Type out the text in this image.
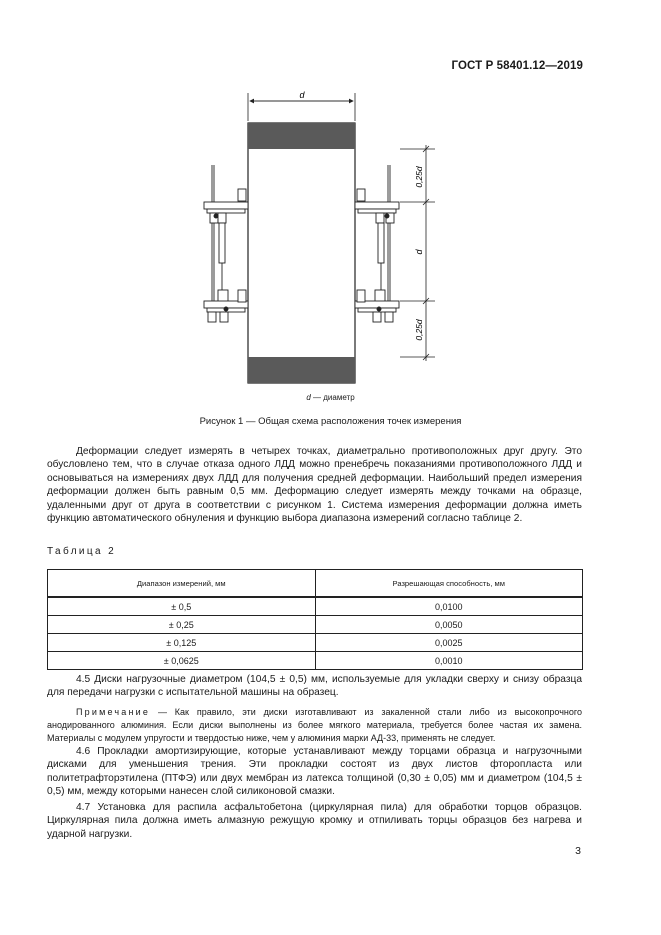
ГОСТ Р 58401.12—2019
d
0,25d
d
0,25d
d — диаметр
Рисунок 1 — Общая схема расположения точек измерения
Деформации следует измерять в четырех точках, диаметрально противоположных друг другу. Это обусловлено тем, что в случае отказа одного ЛДД можно пренебречь показаниями противоположного ЛДД и основываться на измерениях двух ЛДД для получения средней деформации. Наибольший предел измерения деформации должен быть равным 0,5 мм. Деформацию следует измерять между точками на образце, удаленными друг от друга в соответствии с рисунком 1. Система измерения деформации должна иметь функцию автоматического обнуления и функцию выбора диапазона измерений согласно таблице 2.
Таблица 2
Диапазон измерений, мм	Разрешающая способность, мм
± 0,5	0,0100
± 0,25	0,0050
± 0,125	0,0025
± 0,0625	0,0010
4.5 Диски нагрузочные диаметром (104,5 ± 0,5) мм, используемые для укладки сверху и снизу образца для передачи нагрузки с испытательной машины на образец.
Примечание — Как правило, эти диски изготавливают из закаленной стали либо из высокопрочного анодированного алюминия. Если диски выполнены из более мягкого материала, требуется более частая их замена. Материалы с модулем упругости и твердостью ниже, чем у алюминия марки АД-33, применять не следует.
4.6 Прокладки амортизирующие, которые устанавливают между торцами образца и нагрузочными дисками для уменьшения трения. Эти прокладки состоят из двух листов фторопласта или политетрафторэтилена (ПТФЭ) или двух мембран из латекса толщиной (0,30 ± 0,05) мм и диаметром (104,5 ± 0,5) мм, между которыми нанесен слой силиконовой смазки.
4.7 Установка для распила асфальтобетона (циркулярная пила) для обработки торцов образцов. Циркулярная пила должна иметь алмазную режущую кромку и отпиливать торцы образцов без нагрева и ударной нагрузки.
3
